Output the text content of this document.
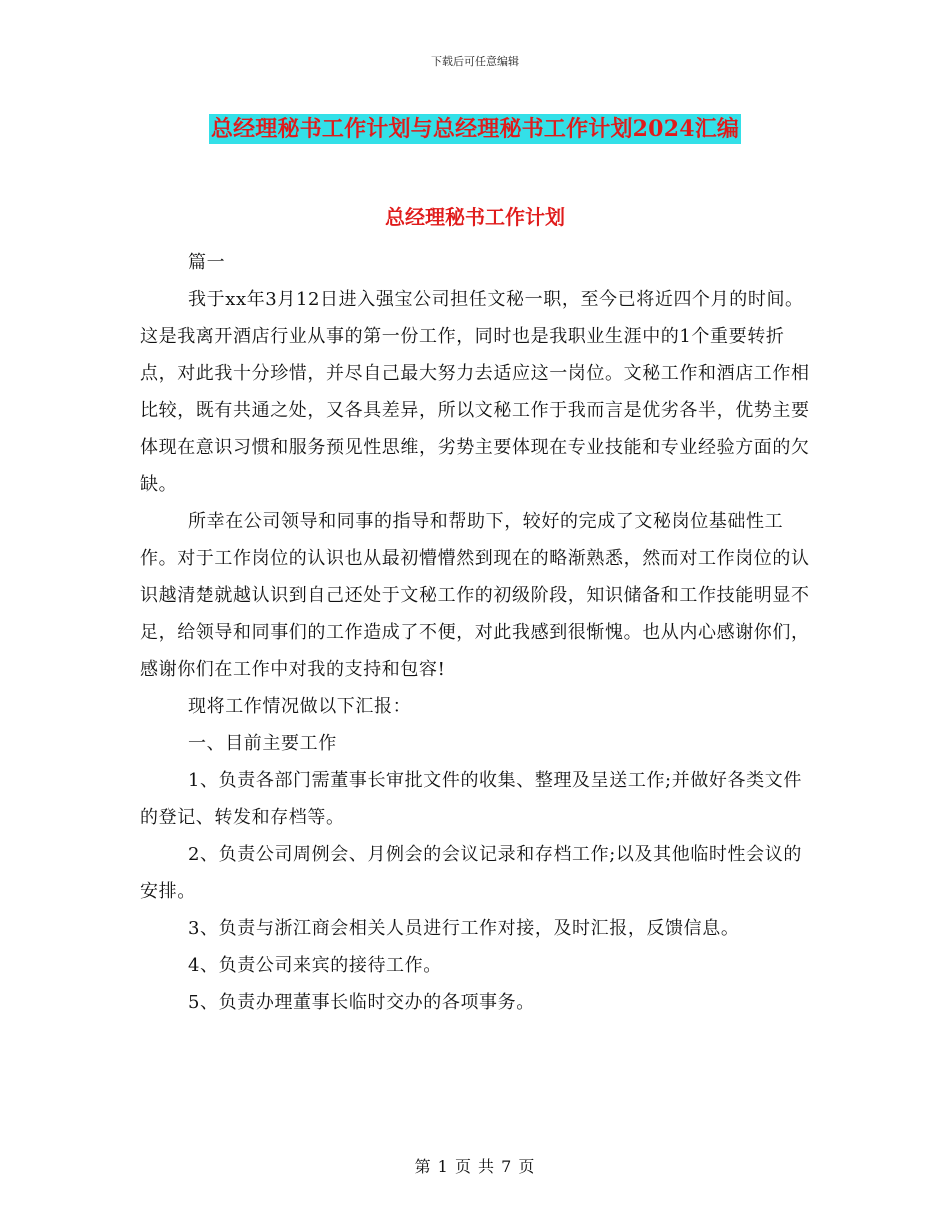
下载后可任意编辑
总经理秘书工作计划与总经理秘书工作计划2024汇编
总经理秘书工作计划

篇一

我于xx年3月12日进入强宝公司担任文秘一职，至今已将近四个月的时间。这是我离开酒店行业从事的第一份工作，同时也是我职业生涯中的1个重要转折点，对此我十分珍惜，并尽自己最大努力去适应这一岗位。文秘工作和酒店工作相比较，既有共通之处，又各具差异，所以文秘工作于我而言是优劣各半，优势主要体现在意识习惯和服务预见性思维，劣势主要体现在专业技能和专业经验方面的欠缺。

所幸在公司领导和同事的指导和帮助下，较好的完成了文秘岗位基础性工作。对于工作岗位的认识也从最初懵懵然到现在的略渐熟悉，然而对工作岗位的认识越清楚就越认识到自己还处于文秘工作的初级阶段，知识储备和工作技能明显不足，给领导和同事们的工作造成了不便，对此我感到很惭愧。也从内心感谢你们，感谢你们在工作中对我的支持和包容!

现将工作情况做以下汇报：

一、目前主要工作

1、负责各部门需董事长审批文件的收集、整理及呈送工作;并做好各类文件的登记、转发和存档等。

2、负责公司周例会、月例会的会议记录和存档工作;以及其他临时性会议的安排。

3、负责与浙江商会相关人员进行工作对接，及时汇报，反馈信息。

4、负责公司来宾的接待工作。

5、负责办理董事长临时交办的各项事务。

第 1 页 共 7 页
